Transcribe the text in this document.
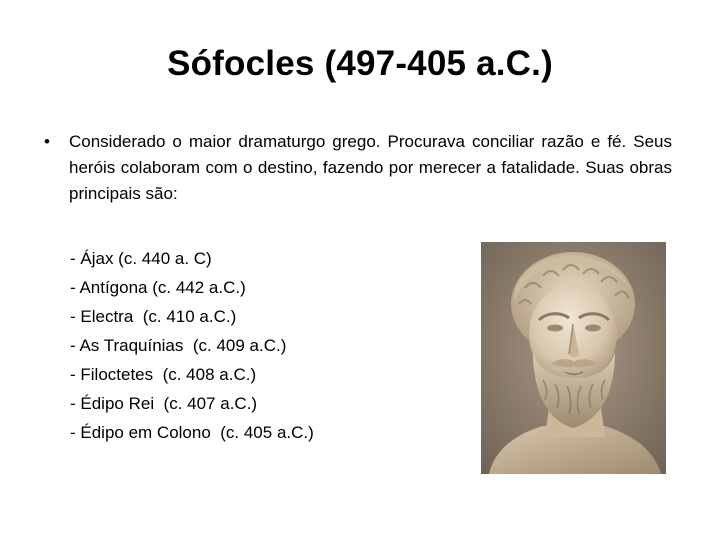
Sófocles (497-405 a.C.)
• Considerado o maior dramaturgo grego. Procurava conciliar razão e fé. Seus heróis colaboram com o destino, fazendo por merecer a fatalidade. Suas obras principais são:

- Ájax (c. 440 a. C)
- Antígona (c. 442 a.C.)
- Electra  (c. 410 a.C.)
- As Traquínias  (c. 409 a.C.)
- Filoctetes  (c. 408 a.C.)
- Édipo Rei  (c. 407 a.C.)
- Édipo em Colono  (c. 405 a.C.)
